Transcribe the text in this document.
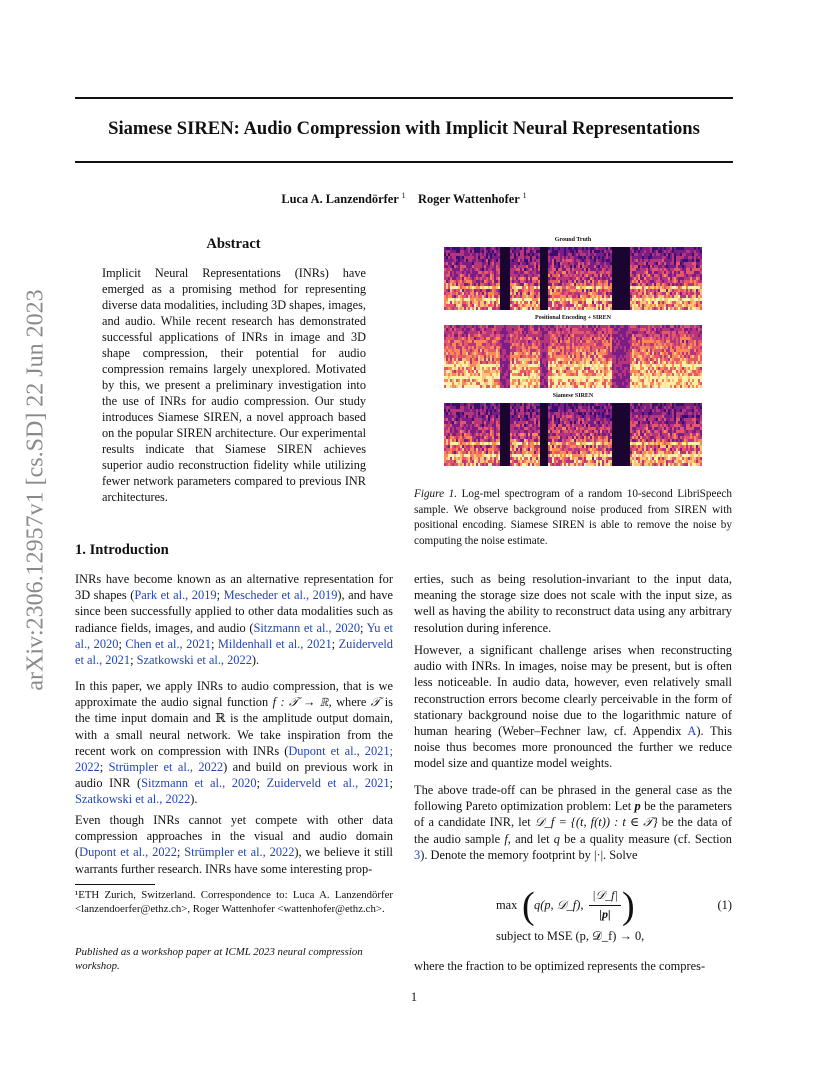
Siamese SIREN: Audio Compression with Implicit Neural Representations
Luca A. Lanzendörfer $^1$ Roger Wattenhofer $^1$
arXiv:2306.12957v1 [cs.SD] 22 Jun 2023
Abstract
Implicit Neural Representations (INRs) have emerged as a promising method for representing diverse data modalities, including 3D shapes, images, and audio. While recent research has demonstrated successful applications of INRs in image and 3D shape compression, their potential for audio compression remains largely unexplored. Motivated by this, we present a preliminary investigation into the use of INRs for audio compression. Our study introduces Siamese SIREN, a novel approach based on the popular SIREN architecture. Our experimental results indicate that Siamese SIREN achieves superior audio reconstruction fidelity while utilizing fewer network parameters compared to previous INR architectures.
Ground Truth
Positional Encoding + SIREN
Siamese SIREN
Figure 1. Log-mel spectrogram of a random 10-second LibriSpeech sample. We observe background noise produced from SIREN with positional encoding. Siamese SIREN is able to remove the noise by computing the noise estimate.
1. Introduction
INRs have become known as an alternative representation for 3D shapes (Park et al., 2019; Mescheder et al., 2019), and have since been successfully applied to other data modalities such as radiance fields, images, and audio (Sitzmann et al., 2020; Yu et al., 2020; Chen et al., 2021; Mildenhall et al., 2021; Zuiderveld et al., 2021; Szatkowski et al., 2022).
In this paper, we apply INRs to audio compression, that is we approximate the audio signal function f : 𝒯 → ℝ, where 𝒯 is the time input domain and ℝ is the amplitude output domain, with a small neural network. We take inspiration from the recent work on compression with INRs (Dupont et al., 2021; 2022; Strümpler et al., 2022) and build on previous work in audio INR (Sitzmann et al., 2020; Zuiderveld et al., 2021; Szatkowski et al., 2022).
Even though INRs cannot yet compete with other data compression approaches in the visual and audio domain (Dupont et al., 2022; Strümpler et al., 2022), we believe it still warrants further research. INRs have some interesting prop-
¹ETH Zurich, Switzerland. Correspondence to: Luca A. Lanzendörfer <lanzendoerfer@ethz.ch>, Roger Wattenhofer <wattenhofer@ethz.ch>.
Published as a workshop paper at ICML 2023 neural compression workshop.
erties, such as being resolution-invariant to the input data, meaning the storage size does not scale with the input size, as well as having the ability to reconstruct data using any arbitrary resolution during inference.
However, a significant challenge arises when reconstructing audio with INRs. In images, noise may be present, but is often less noticeable. In audio data, however, even relatively small reconstruction errors become clearly perceivable in the form of stationary background noise due to the logarithmic nature of human hearing (Weber–Fechner law, cf. Appendix A). This noise thus becomes more pronounced the further we reduce model size and quantize model weights.
The above trade-off can be phrased in the general case as the following Pareto optimization problem: Let p be the parameters of a candidate INR, let 𝒟_f = {(t, f(t)) : t ∈ 𝒯} be the data of the audio sample f, and let q be a quality measure (cf. Section 3). Denote the memory footprint by |·|. Solve
max ( q(p, 𝒟_f),
|𝒟_f|
|p| )	(1)
subject to MSE (p, 𝒟_f) → 0,
where the fraction to be optimized represents the compres-
1
